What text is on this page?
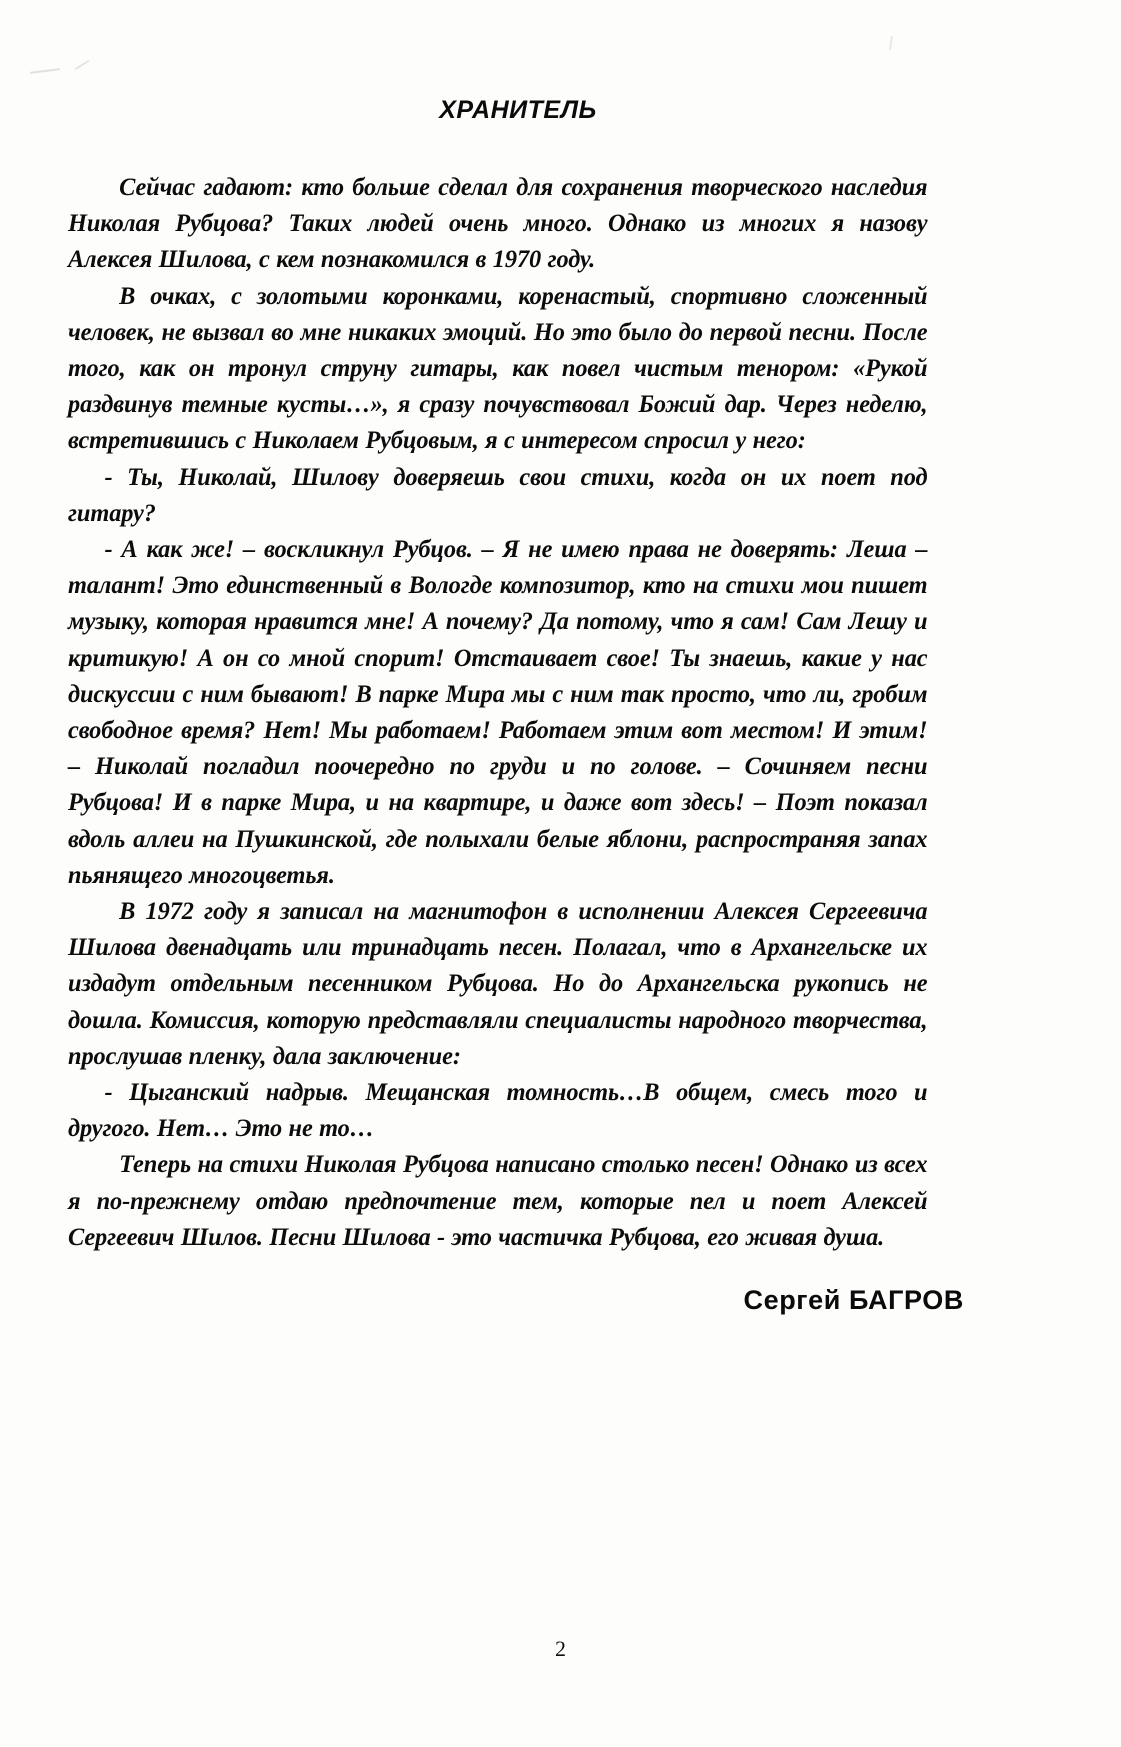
ХРАНИТЕЛЬ

Сейчас гадают: кто больше сделал для сохранения творческого наследия Николая Рубцова? Таких людей очень много. Однако из многих я назову Алексея Шилова, с кем познакомился в 1970 году.

В очках, с золотыми коронками, коренастый, спортивно сложенный человек, не вызвал во мне никаких эмоций. Но это было до первой песни. После того, как он тронул струну гитары, как повел чистым тенором: «Рукой раздвинув темные кусты…», я сразу почувствовал Божий дар. Через неделю, встретившись с Николаем Рубцовым, я с интересом спросил у него:

- Ты, Николай, Шилову доверяешь свои стихи, когда он их поет под гитару?

- А как же! – воскликнул Рубцов. – Я не имею права не доверять: Леша – талант! Это единственный в Вологде композитор, кто на стихи мои пишет музыку, которая нравится мне! А почему? Да потому, что я сам! Сам Лешу и критикую! А он со мной спорит! Отстаивает свое! Ты знаешь, какие у нас дискуссии с ним бывают! В парке Мира мы с ним так просто, что ли, гробим свободное время? Нет! Мы работаем! Работаем этим вот местом! И этим! – Николай погладил поочередно по груди и по голове. – Сочиняем песни Рубцова! И в парке Мира, и на квартире, и даже вот здесь! – Поэт показал вдоль аллеи на Пушкинской, где полыхали белые яблони, распространяя запах пьянящего многоцветья.

В 1972 году я записал на магнитофон в исполнении Алексея Сергеевича Шилова двенадцать или тринадцать песен. Полагал, что в Архангельске их издадут отдельным песенником Рубцова. Но до Архангельска рукопись не дошла. Комиссия, которую представляли специалисты народного творчества, прослушав пленку, дала заключение:

- Цыганский надрыв. Мещанская томность…В общем, смесь того и другого. Нет… Это не то…

Теперь на стихи Николая Рубцова написано столько песен! Однако из всех я по-прежнему отдаю предпочтение тем, которые пел и поет Алексей Сергеевич Шилов. Песни Шилова - это частичка Рубцова, его живая душа.

Сергей БАГРОВ

2
